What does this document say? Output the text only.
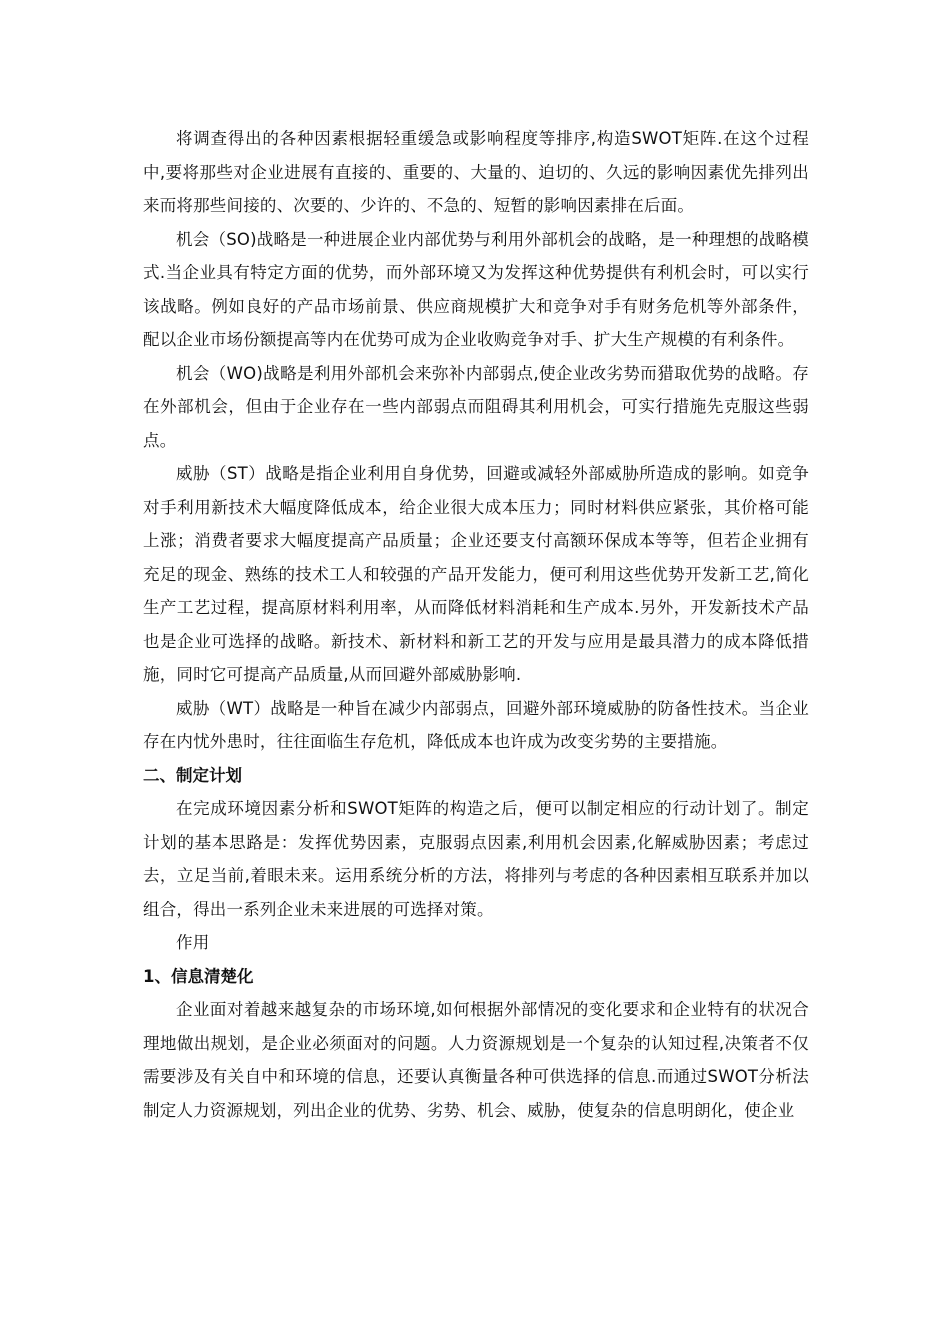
将调查得出的各种因素根据轻重缓急或影响程度等排序,构造SWOT矩阵.在这个过程中,要将那些对企业进展有直接的、重要的、大量的、迫切的、久远的影响因素优先排列出来而将那些间接的、次要的、少许的、不急的、短暂的影响因素排在后面。

机会（SO)战略是一种进展企业内部优势与利用外部机会的战略，是一种理想的战略模式.当企业具有特定方面的优势，而外部环境又为发挥这种优势提供有利机会时，可以实行该战略。例如良好的产品市场前景、供应商规模扩大和竞争对手有财务危机等外部条件，配以企业市场份额提高等内在优势可成为企业收购竞争对手、扩大生产规模的有利条件。

机会（WO)战略是利用外部机会来弥补内部弱点,使企业改劣势而猎取优势的战略。存在外部机会，但由于企业存在一些内部弱点而阻碍其利用机会，可实行措施先克服这些弱点。

威胁（ST）战略是指企业利用自身优势，回避或减轻外部威胁所造成的影响。如竞争对手利用新技术大幅度降低成本，给企业很大成本压力；同时材料供应紧张，其价格可能上涨；消费者要求大幅度提高产品质量；企业还要支付高额环保成本等等，但若企业拥有充足的现金、熟练的技术工人和较强的产品开发能力，便可利用这些优势开发新工艺,简化生产工艺过程，提高原材料利用率，从而降低材料消耗和生产成本.另外，开发新技术产品也是企业可选择的战略。新技术、新材料和新工艺的开发与应用是最具潜力的成本降低措施，同时它可提高产品质量,从而回避外部威胁影响.

威胁（WT）战略是一种旨在减少内部弱点，回避外部环境威胁的防备性技术。当企业存在内忧外患时，往往面临生存危机，降低成本也许成为改变劣势的主要措施。

二、制定计划

在完成环境因素分析和SWOT矩阵的构造之后，便可以制定相应的行动计划了。制定计划的基本思路是：发挥优势因素，克服弱点因素,利用机会因素,化解威胁因素；考虑过去，立足当前,着眼未来。运用系统分析的方法，将排列与考虑的各种因素相互联系并加以组合，得出一系列企业未来进展的可选择对策。

作用

1、信息清楚化

企业面对着越来越复杂的市场环境,如何根据外部情况的变化要求和企业特有的状况合理地做出规划，是企业必须面对的问题。人力资源规划是一个复杂的认知过程,决策者不仅需要涉及有关自中和环境的信息，还要认真衡量各种可供选择的信息.而通过SWOT分析法制定人力资源规划，列出企业的优势、劣势、机会、威胁，使复杂的信息明朗化，使企业
